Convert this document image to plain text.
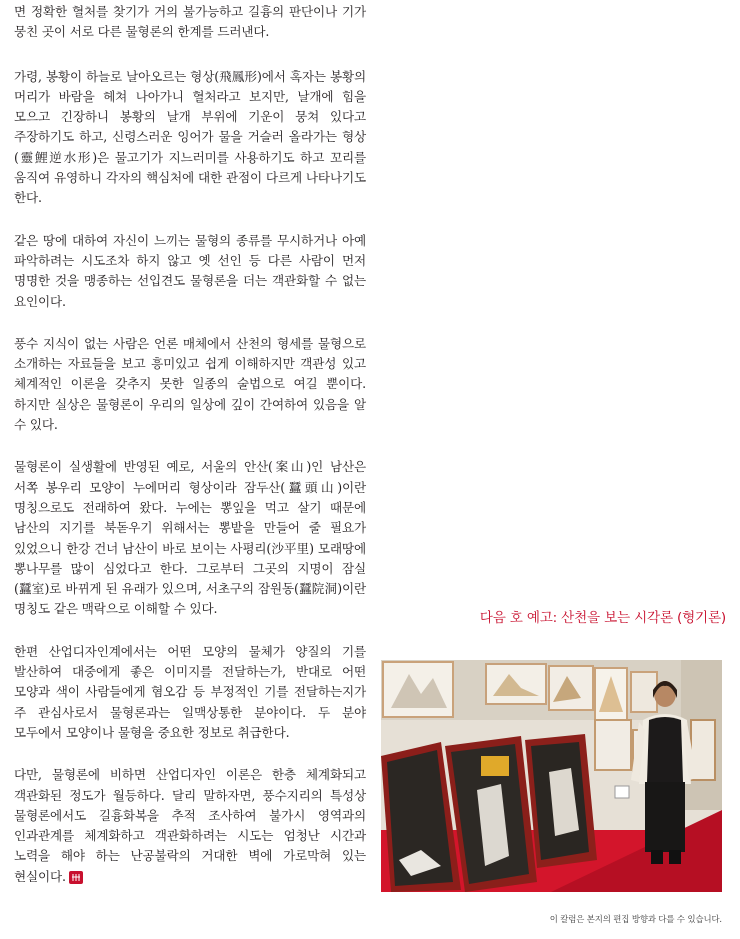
면 정확한 혈처를 찾기가 거의 불가능하고 길흉의 판단이나 기가 뭉친 곳이 서로 다른 물형론의 한계를 드러낸다.

가령, 봉황이 하늘로 날아오르는 형상(飛鳳形)에서 혹자는 봉황의 머리가 바람을 헤쳐 나아가니 혈처라고 보지만, 날개에 힘을 모으고 긴장하니 봉황의 날개 부위에 기운이 뭉쳐 있다고 주장하기도 하고, 신령스러운 잉어가 물을 거슬러 올라가는 형상(靈鯉逆水形)은 물고기가 지느러미를 사용하기도 하고 꼬리를 움직여 유영하니 각자의 핵심처에 대한 관점이 다르게 나타나기도 한다.

같은 땅에 대하여 자신이 느끼는 물형의 종류를 무시하거나 아예 파악하려는 시도조차 하지 않고 옛 선인 등 다른 사람이 먼저 명명한 것을 맹종하는 선입견도 물형론을 더는 객관화할 수 없는 요인이다.

풍수 지식이 없는 사람은 언론 매체에서 산천의 형세를 물형으로 소개하는 자료들을 보고 흥미있고 쉽게 이해하지만 객관성 있고 체계적인 이론을 갖추지 못한 일종의 술법으로 여길 뿐이다. 하지만 실상은 물형론이 우리의 일상에 깊이 간여하여 있음을 알 수 있다.

물형론이 실생활에 반영된 예로, 서울의 안산(案山)인 남산은 서쪽 봉우리 모양이 누에머리 형상이라 잠두산(蠶頭山)이란 명칭으로도 전래하여 왔다. 누에는 뽕잎을 먹고 살기 때문에 남산의 지기를 북돋우기 위해서는 뽕밭을 만들어 줄 필요가 있었으니 한강 건너 남산이 바로 보이는 사평리(沙平里) 모래땅에 뽕나무를 많이 심었다고 한다. 그로부터 그곳의 지명이 잠실(蠶室)로 바뀌게 된 유래가 있으며, 서초구의 잠원동(蠶院洞)이란 명칭도 같은 맥락으로 이해할 수 있다.

한편 산업디자인계에서는 어떤 모양의 물체가 양질의 기를 발산하여 대중에게 좋은 이미지를 전달하는가, 반대로 어떤 모양과 색이 사람들에게 혐오감 등 부정적인 기를 전달하는지가 주 관심사로서 물형론과는 일맥상통한 분야이다. 두 분야 모두에서 모양이나 물형을 중요한 정보로 취급한다.

다만, 물형론에 비하면 산업디자인 이론은 한층 체계화되고 객관화된 정도가 월등하다. 달리 말하자면, 풍수지리의 특성상 물형론에서도 길흉화복을 추적 조사하여 불가시 영역과의 인과관계를 체계화하고 객관화하려는 시도는 엄청난 시간과 노력을 해야 하는 난공불락의 거대한 벽에 가로막혀 있는 현실이다.

다음 호 예고: 산천을 보는 시각론 (형기론)
이 칼럼은 본지의 편집 방향과 다를 수 있습니다.
